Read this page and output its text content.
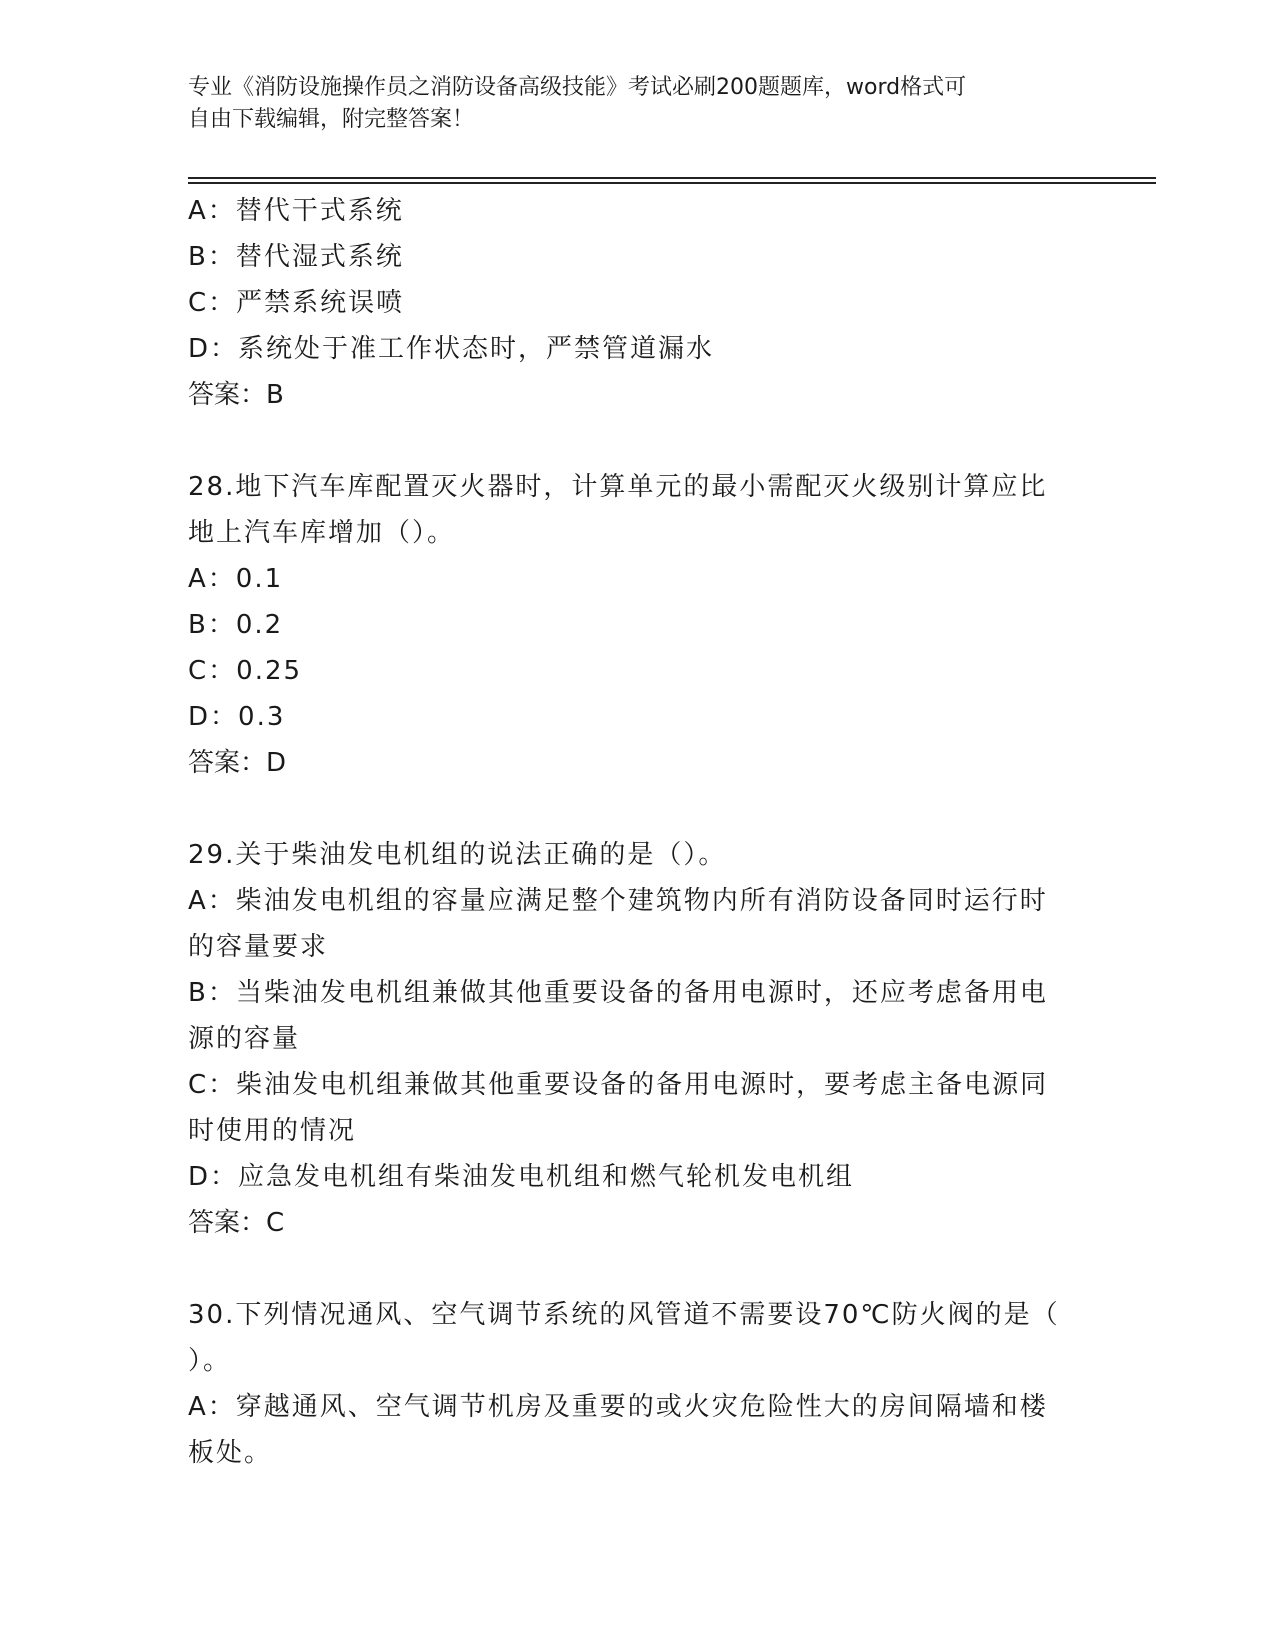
专业《消防设施操作员之消防设备高级技能》考试必刷200题题库，word格式可
自由下载编辑，附完整答案！
A：替代干式系统
B：替代湿式系统
C：严禁系统误喷
D：系统处于准工作状态时，严禁管道漏水
答案：B
28.地下汽车库配置灭火器时，计算单元的最小需配灭火级别计算应比
地上汽车库增加（）。
A：0.1
B：0.2
C：0.25
D：0.3
答案：D
29.关于柴油发电机组的说法正确的是（）。
A：柴油发电机组的容量应满足整个建筑物内所有消防设备同时运行时
的容量要求
B：当柴油发电机组兼做其他重要设备的备用电源时，还应考虑备用电
源的容量
C：柴油发电机组兼做其他重要设备的备用电源时，要考虑主备电源同
时使用的情况
D：应急发电机组有柴油发电机组和燃气轮机发电机组
答案：C
30.下列情况通风、空气调节系统的风管道不需要设70℃防火阀的是（
）。
A：穿越通风、空气调节机房及重要的或火灾危险性大的房间隔墙和楼
板处。
